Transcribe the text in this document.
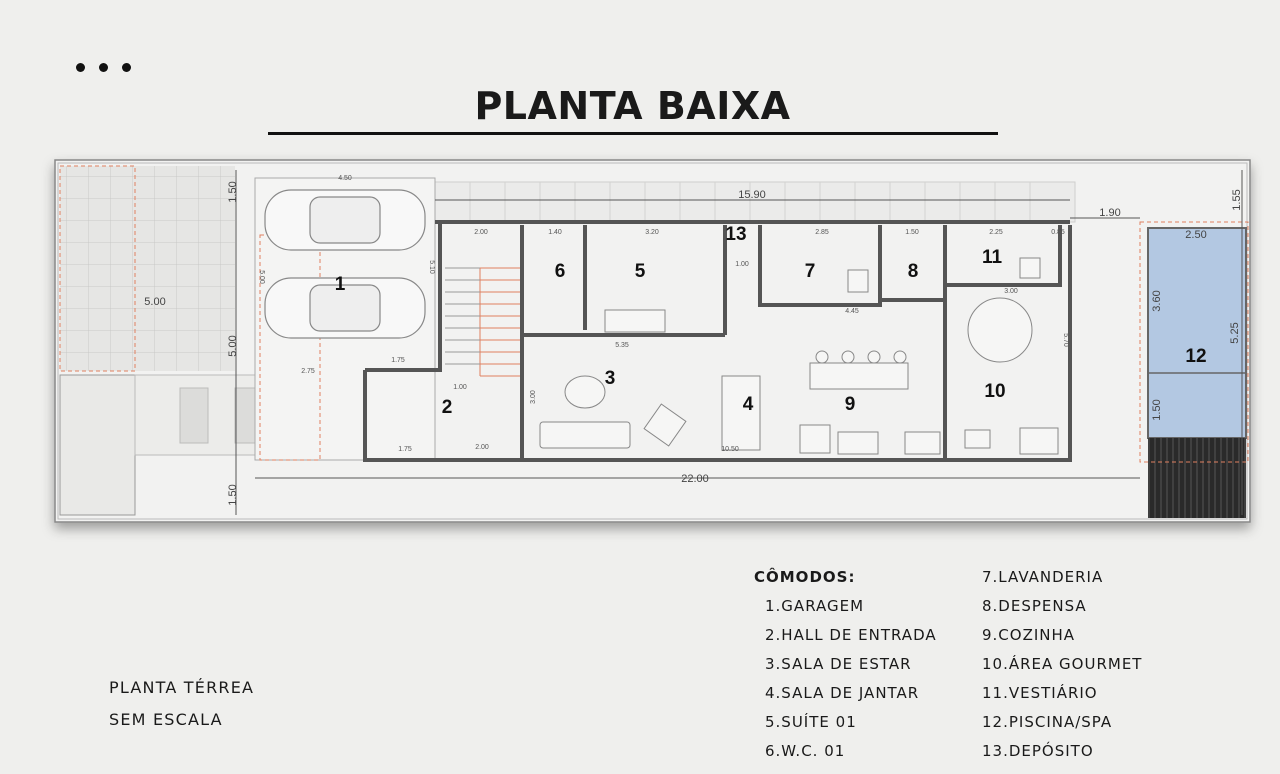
PLANTA BAIXA
1
2
3
4
5
6	7	8
9
10
11
12
13
15.90
22.00
5.00
5.00
1.50
1.50
4.50
1.90
2.50
3.60
5.25
1.50
1.55
2.00	3.20
1.40	2.85	1.50	2.25	0.85
1.00
4.45
3.00
5.70
5.35
3.00
2.00
1.75
1.75
2.75
1.00
10.50
5.00
5.10
PLANTA TÉRREA
SEM ESCALA
CÔMODOS:
1.GARAGEM
2.HALL DE ENTRADA
3.SALA DE ESTAR
4.SALA DE JANTAR
5.SUÍTE 01
6.W.C. 01
7.LAVANDERIA
8.DESPENSA
9.COZINHA
10.ÁREA GOURMET
11.VESTIÁRIO
12.PISCINA/SPA
13.DEPÓSITO
